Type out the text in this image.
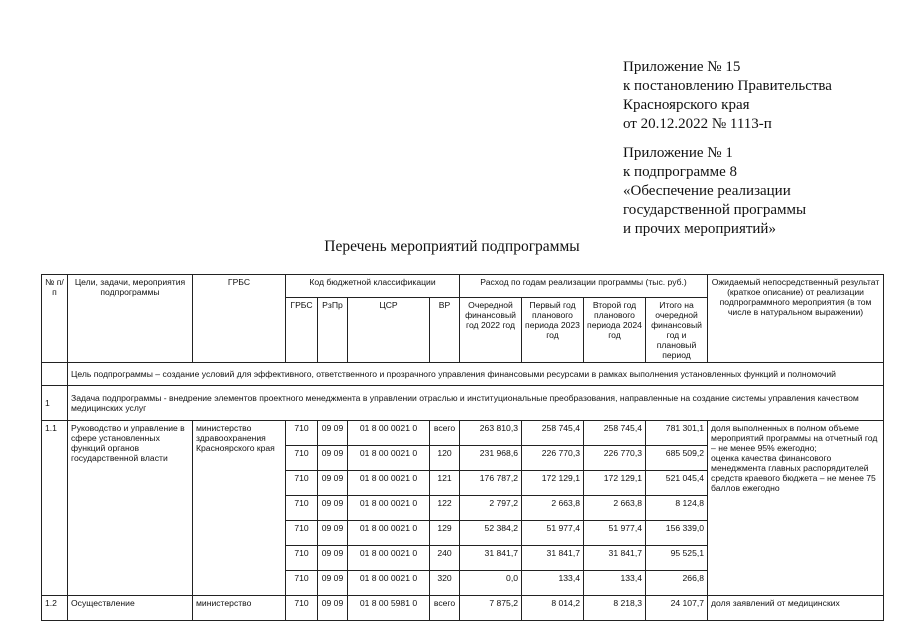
Приложение № 15
к постановлению Правительства
Красноярского края
от 20.12.2022 № 1113-п
Приложение № 1
к подпрограмме 8
«Обеспечение реализации
государственной программы
и прочих мероприятий»
Перечень мероприятий подпрограммы
№ п/п	Цели, задачи, мероприятия подпрограммы	ГРБС	Код бюджетной классификации				Расход по годам реализации программы (тыс. руб.)				Ожидаемый непосредственный результат (краткое описание) от реализации подпрограммного мероприятия (в том числе в натуральном выражении)
			ГРБС	РзПр	ЦСР	ВР	Очередной финансовый год 2022 год	Первый год планового периода 2023 год	Второй год планового периода 2024 год	Итого на очередной финансовый год и плановый период	
	Цель подпрограммы – создание условий для эффективного, ответственного и прозрачного управления финансовыми ресурсами в рамках выполнения установленных функций и полномочий										
1	Задача подпрограммы - внедрение элементов проектного менеджмента в управлении отраслью и институциональные преобразования, направленные на создание системы управления качеством медицинских услуг										
1.1	Руководство и управление в сфере установленных функций органов государственной власти	министерство здравоохранения Красноярского края	710	09 09	01 8 00 0021 0	всего	263 810,3	258 745,4	258 745,4	781 301,1	доля выполненных в полном объеме мероприятий программы на отчетный год – не менее 95% ежегодно;
оценка качества финансового менеджмента главных распорядителей средств краевого бюджета – не менее 75 баллов ежегодно
			710	09 09	01 8 00 0021 0	120	231 968,6	226 770,3	226 770,3	685 509,2	
			710	09 09	01 8 00 0021 0	121	176 787,2	172 129,1	172 129,1	521 045,4	
			710	09 09	01 8 00 0021 0	122	2 797,2	2 663,8	2 663,8	8 124,8	
			710	09 09	01 8 00 0021 0	129	52 384,2	51 977,4	51 977,4	156 339,0	
			710	09 09	01 8 00 0021 0	240	31 841,7	31 841,7	31 841,7	95 525,1	
			710	09 09	01 8 00 0021 0	320	0,0	133,4	133,4	266,8	
1.2	Осуществление	министерство	710	09 09	01 8 00 5981 0	всего	7 875,2	8 014,2	8 218,3	24 107,7	доля заявлений от медицинских
